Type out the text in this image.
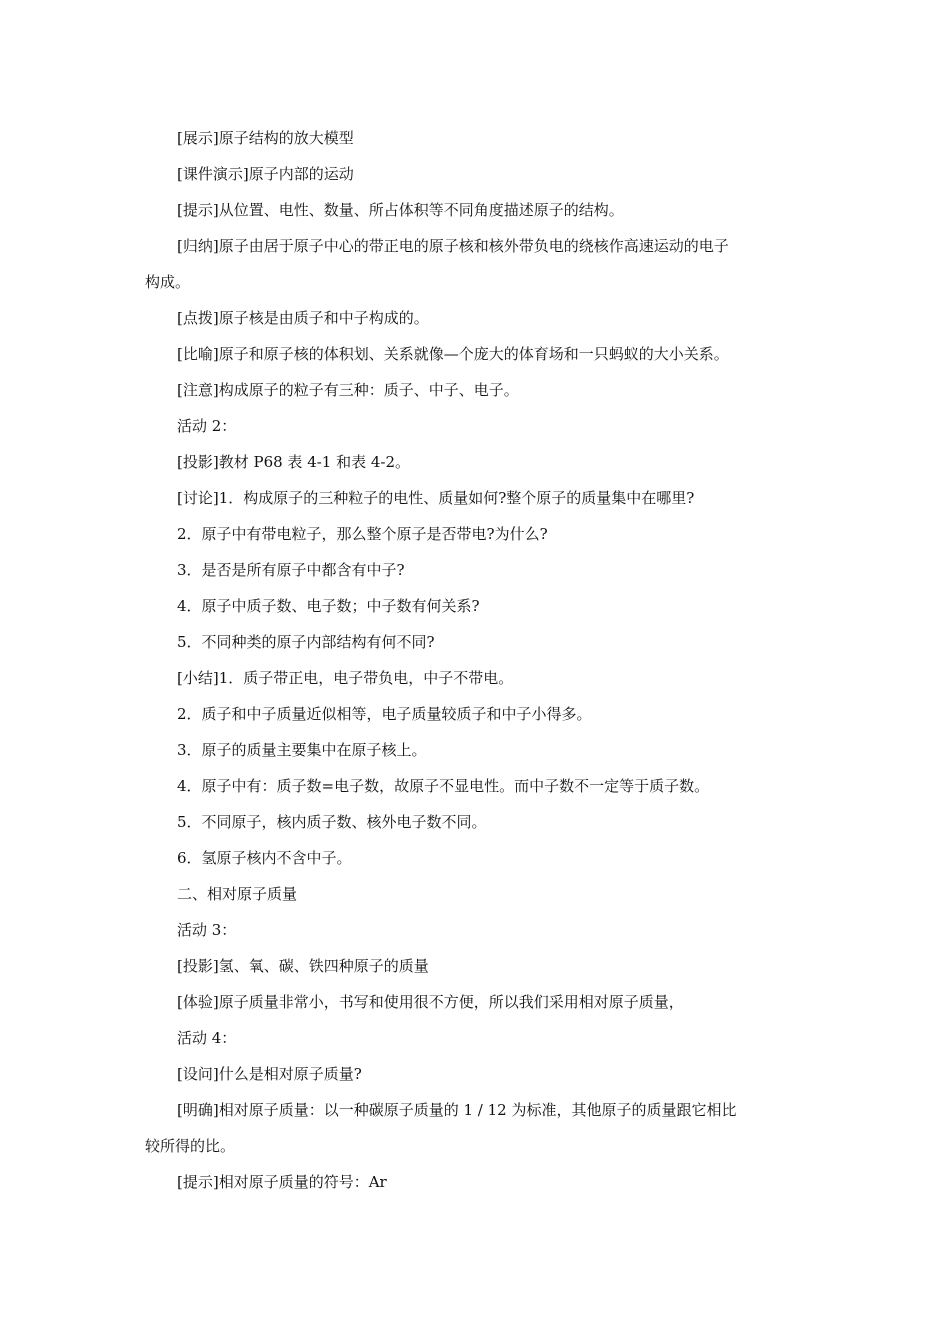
[展示]原子结构的放大模型
[课件演示]原子内部的运动
[提示]从位置、电性、数量、所占体积等不同角度描述原子的结构。
[归纳]原子由居于原子中心的带正电的原子核和核外带负电的绕核作高速运动的电子
构成。
[点拨]原子核是由质子和中子构成的。
[比喻]原子和原子核的体积划、关系就像—个庞大的体育场和一只蚂蚁的大小关系。
[注意]构成原子的粒子有三种：质子、中子、电子。
活动 2：
[投影]教材 P68 表 4-1 和表 4-2。
[讨论]1．构成原子的三种粒子的电性、质量如何?整个原子的质量集中在哪里?
2．原子中有带电粒子，那么整个原子是否带电?为什么?
3．是否是所有原子中都含有中子?
4．原子中质子数、电子数；中子数有何关系?
5．不同种类的原子内部结构有何不同?
[小结]1．质子带正电，电子带负电，中子不带电。
2．质子和中子质量近似相等，电子质量较质子和中子小得多。
3．原子的质量主要集中在原子核上。
4．原子中有：质子数=电子数，故原子不显电性。而中子数不一定等于质子数。
5．不同原子，核内质子数、核外电子数不同。
6．氢原子核内不含中子。
二、相对原子质量
活动 3：
[投影]氢、氧、碳、铁四种原子的质量
[体验]原子质量非常小，书写和使用很不方便，所以我们采用相对原子质量，
活动 4：
[设问]什么是相对原子质量?
[明确]相对原子质量：以一种碳原子质量的 1 / 12 为标准，其他原子的质量跟它相比
较所得的比。
[提示]相对原子质量的符号：Ar
